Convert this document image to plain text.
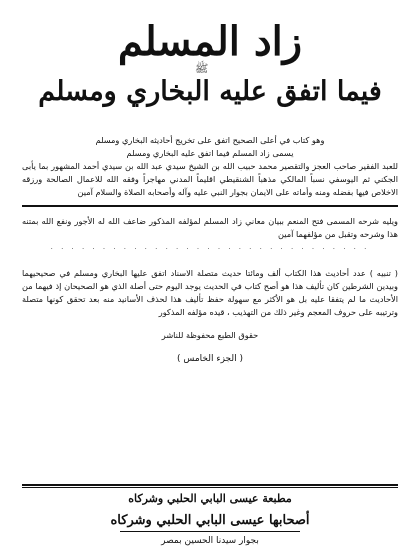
زاد المسلم
ﷺ
فيما اتفق عليه البخاري ومسلم
وهو كتاب في أعلى الصحيح اتفق على تخريج أحاديثه البخاري ومسلم
يسمى زاد المسلم فيما اتفق عليه البخاري ومسلم
للعبد الفقير صاحب العجز والتقصير محمد حبيب الله بن الشيخ سيدي عبد الله بن سيدي أحمد المشهور بما يأبى الجكني ثم اليوسفي نسباً المالكي مذهباً الشنقيطي اقليماً المدني مهاجراً وفقه الله للاعمال الصالحة ورزقه الاخلاص فيها بفضله ومنه وأماته على الايمان بجوار النبي عليه وآله وأصحابه الصلاة والسلام آمين
ويليه شرحه المسمى فتح المنعم ببيان معاني زاد المسلم لمؤلفه المذكور ضاعف الله له الأجور ونفع الله بمتنه هذا وشرحه وتقبل من مؤلفهما آمين
· · · · · · · · · · · · · · · · · · · · · · · · · · · · · · ·
( تنبيه ) عدد أحاديث هذا الكتاب ألف ومائتا حديث متصلة الاسناد اتفق عليها البخاري ومسلم في صحيحيهما وبيدين الشرطين كان تأليف هذا هو أصح كتاب في الحديث يوجد اليوم حتى أصلة الذي هو الصحيحان إذ فيهما من الأحاديث ما لم يتفقا عليه بل هو الأكثر مع سهولة حفظ تأليف هذا لحذف الأسانيد منه بعد تحقق كونها متصلة وترتيبه على حروف المعجم وغير ذلك من التهذيب ، قيده مؤلفه المذكور
حقوق الطبع محفوظة للناشر
( الجزء الخامس )
مطبعة عيسى البابي الحلبي وشركاه
أصحابها عيسى البابي الحلبي وشركاه
بجوار سيدنا الحسين بمصر
